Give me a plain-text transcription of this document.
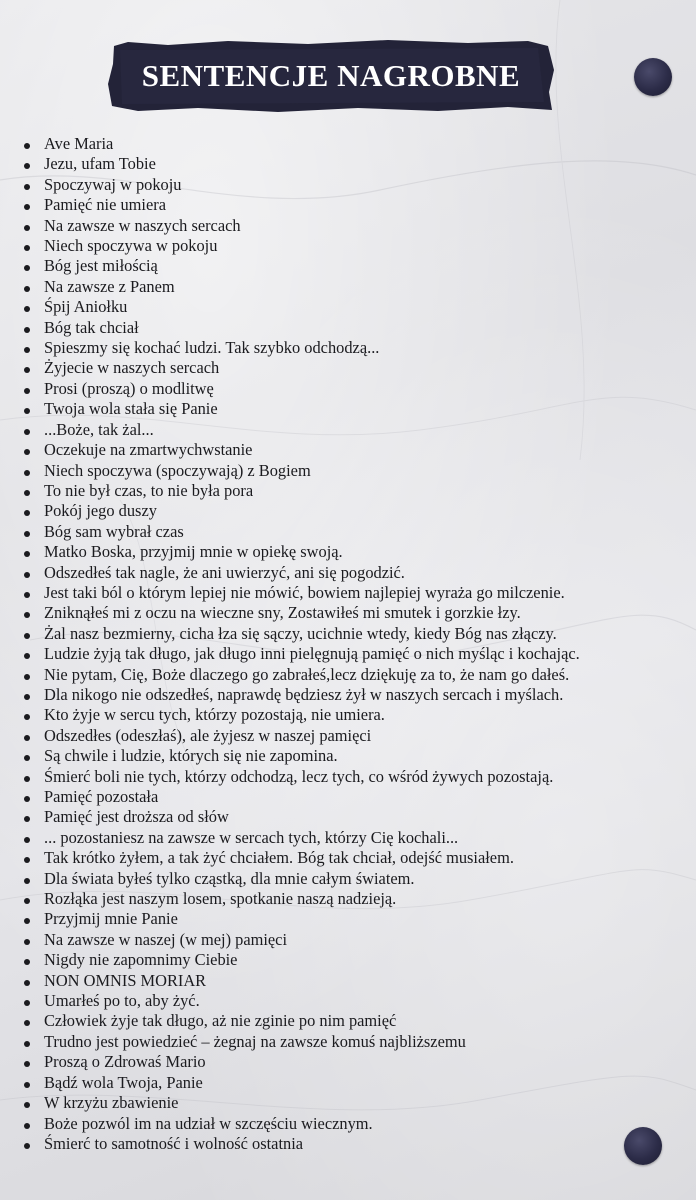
SENTENCJE NAGROBNE
Ave Maria
Jezu, ufam Tobie
Spoczywaj w pokoju
Pamięć nie umiera
Na zawsze w naszych sercach
Niech spoczywa w pokoju
Bóg jest miłością
Na zawsze z Panem
Śpij Aniołku
Bóg tak chciał
Spieszmy się kochać ludzi. Tak szybko odchodzą...
Żyjecie w naszych sercach
Prosi (proszą) o modlitwę
Twoja wola stała się Panie
...Boże, tak żal...
Oczekuje na zmartwychwstanie
Niech spoczywa (spoczywają) z Bogiem
To nie był czas, to nie była pora
Pokój jego duszy
Bóg sam wybrał czas
Matko Boska, przyjmij mnie w opiekę swoją.
Odszedłeś tak nagle, że ani uwierzyć, ani się pogodzić.
Jest taki ból o którym lepiej nie mówić, bowiem najlepiej wyraża go milczenie.
Zniknąłeś mi z oczu na wieczne sny, Zostawiłeś mi smutek i gorzkie łzy.
Żal nasz bezmierny, cicha łza się sączy, ucichnie wtedy, kiedy Bóg nas złączy.
Ludzie żyją tak długo, jak długo inni pielęgnują pamięć o nich myśląc i kochając.
Nie pytam, Cię, Boże dlaczego go zabrałeś,lecz dziękuję za to, że nam go dałeś.
Dla nikogo nie odszedłeś, naprawdę będziesz żył w naszych sercach i myślach.
Kto żyje w sercu tych, którzy pozostają, nie umiera.
Odszedłes (odeszłaś), ale żyjesz w naszej pamięci
Są chwile i ludzie, których się nie zapomina.
Śmierć boli nie tych, którzy odchodzą, lecz tych, co wśród żywych pozostają.
Pamięć pozostała
Pamięć jest droższa od słów
... pozostaniesz na zawsze w sercach tych, którzy Cię kochali...
Tak krótko żyłem, a tak żyć chciałem. Bóg tak chciał, odejść musiałem.
Dla świata byłeś tylko cząstką, dla mnie całym światem.
Rozłąka jest naszym losem, spotkanie naszą nadzieją.
Przyjmij mnie Panie
Na zawsze w naszej (w mej) pamięci
Nigdy nie zapomnimy Ciebie
NON OMNIS MORIAR
Umarłeś po to, aby żyć.
Człowiek żyje tak długo, aż nie zginie po nim pamięć
Trudno jest powiedzieć – żegnaj na zawsze komuś najbliższemu
Proszą o Zdrowaś Mario
Bądź wola Twoja, Panie
W krzyżu zbawienie
Boże pozwól im na udział w szczęściu wiecznym.
Śmierć to samotność i wolność ostatnia
